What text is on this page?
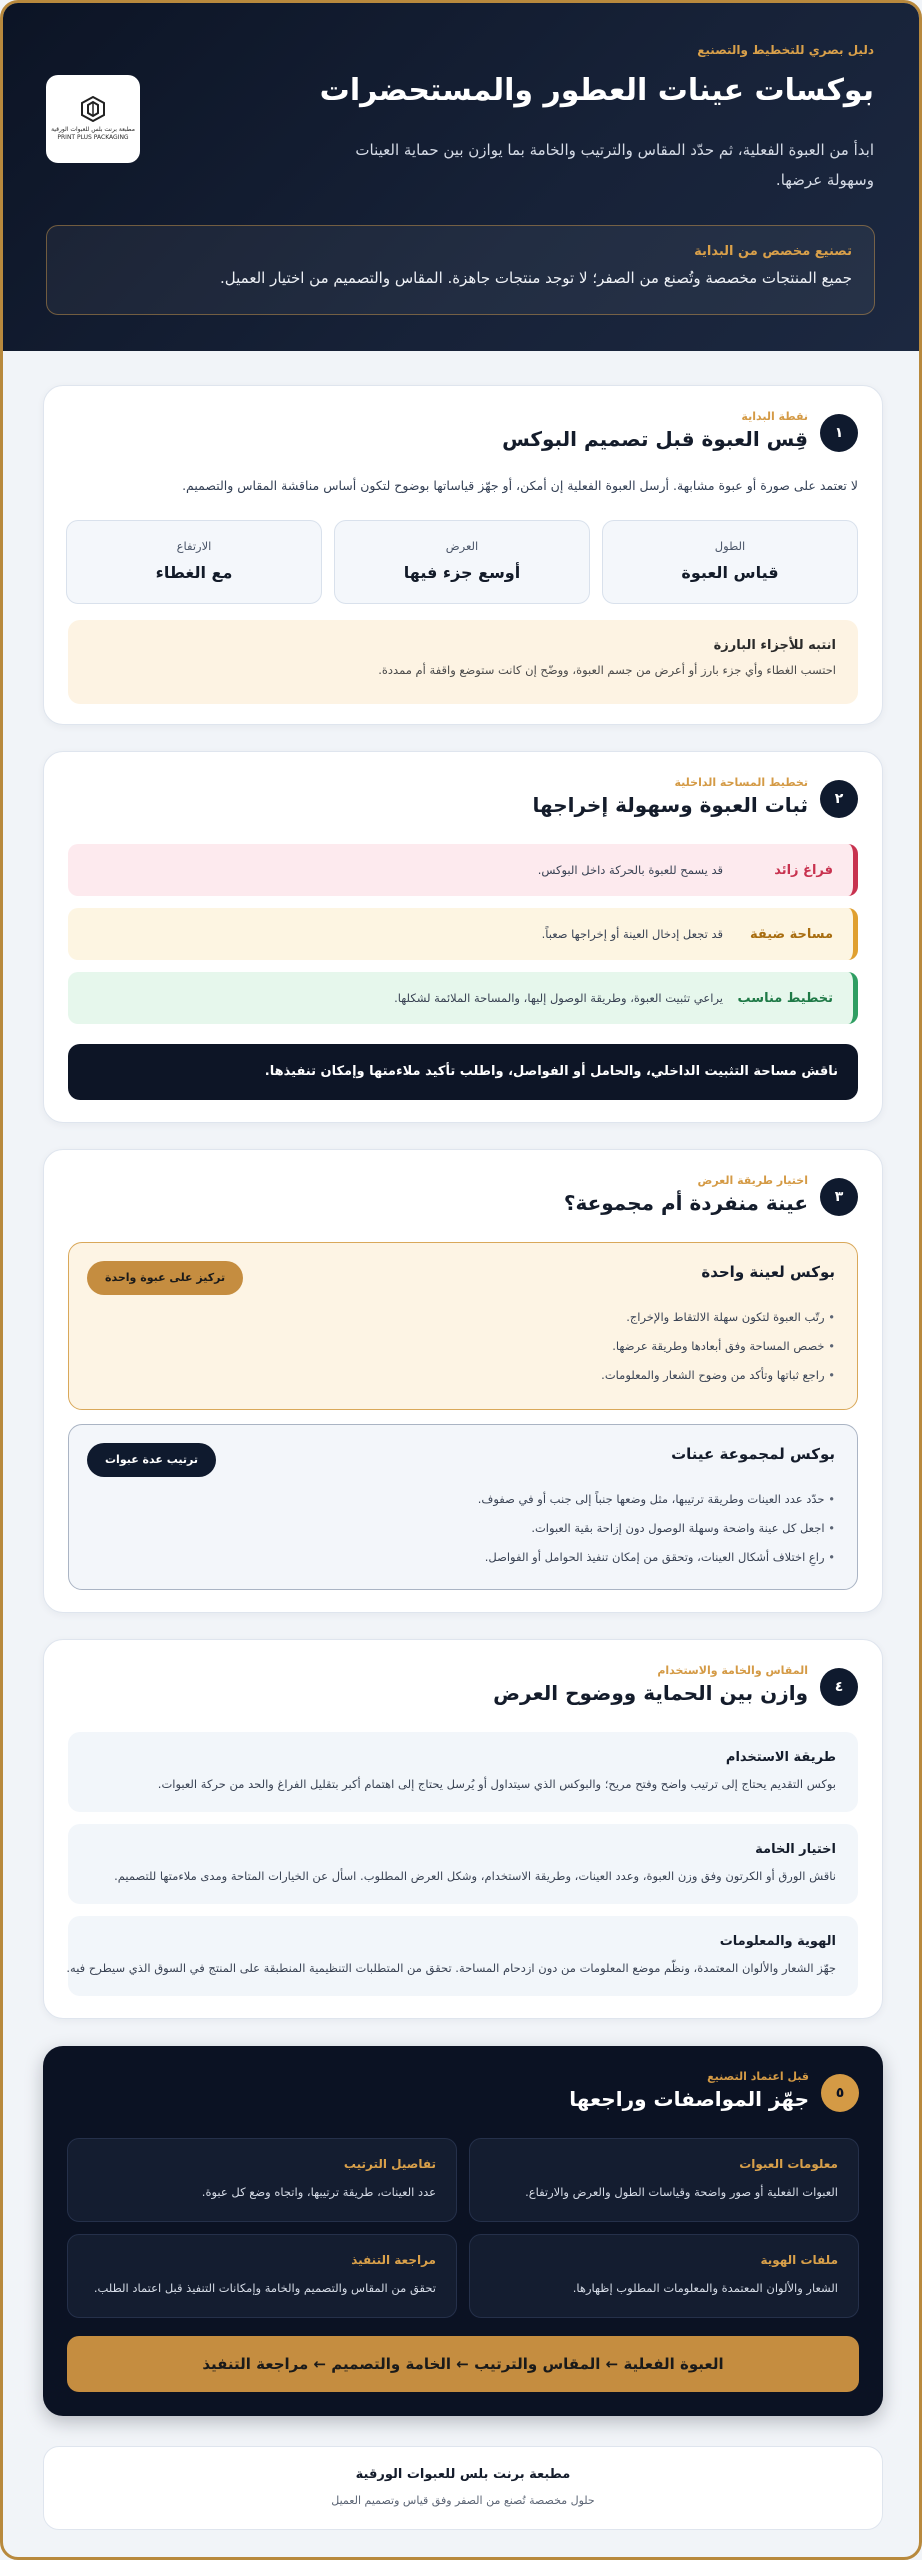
دليل بصري للتخطيط والتصنيع
بوكسات عينات العطور والمستحضرات

ابدأ من العبوة الفعلية، ثم حدّد المقاس والترتيب والخامة بما يوازن بين حماية العينات وسهولة عرضها.

مطبعة برنت بلس للعبوات الورقية PRINT PLUS PACKAGING
تصنيع مخصص من البداية
جميع المنتجات مخصصة وتُصنع من الصفر؛ لا توجد منتجات جاهزة. المقاس والتصميم من اختيار العميل.
١
نقطة البداية
قِس العبوة قبل تصميم البوكس

لا تعتمد على صورة أو عبوة مشابهة. أرسل العبوة الفعلية إن أمكن، أو جهّز قياساتها بوضوح لتكون أساس مناقشة المقاس والتصميم.

الطول
قياس العبوة
العرض
أوسع جزء فيها
الارتفاع
مع الغطاء
انتبه للأجزاء البارزة
احتسب الغطاء وأي جزء بارز أو أعرض من جسم العبوة، ووضّح إن كانت ستوضع واقفة أم ممددة.
٢
تخطيط المساحة الداخلية
ثبات العبوة وسهولة إخراجها
فراغ زائد
قد يسمح للعبوة بالحركة داخل البوكس.
مساحة ضيقة
قد تجعل إدخال العينة أو إخراجها صعباً.
تخطيط مناسب
يراعي تثبيت العبوة، وطريقة الوصول إليها، والمساحة الملائمة لشكلها.
ناقش مساحة التثبيت الداخلي، والحامل أو الفواصل، واطلب تأكيد ملاءمتها وإمكان تنفيذها.
٣
اختيار طريقة العرض
عينة منفردة أم مجموعة؟
بوكس لعينة واحدة
تركيز على عبوة واحدة
• رتّب العبوة لتكون سهلة الالتقاط والإخراج.
• خصص المساحة وفق أبعادها وطريقة عرضها.
• راجع ثباتها وتأكد من وضوح الشعار والمعلومات.
بوكس لمجموعة عينات
ترتيب عدة عبوات
• حدّد عدد العينات وطريقة ترتيبها، مثل وضعها جنباً إلى جنب أو في صفوف.
• اجعل كل عينة واضحة وسهلة الوصول دون إزاحة بقية العبوات.
• راعِ اختلاف أشكال العينات، وتحقق من إمكان تنفيذ الحوامل أو الفواصل.
٤
المقاس والخامة والاستخدام
وازن بين الحماية ووضوح العرض
طريقة الاستخدام
بوكس التقديم يحتاج إلى ترتيب واضح وفتح مريح؛ والبوكس الذي سيتداول أو يُرسل يحتاج إلى اهتمام أكبر بتقليل الفراغ والحد من حركة العبوات.
اختيار الخامة
ناقش الورق أو الكرتون وفق وزن العبوة، وعدد العينات، وطريقة الاستخدام، وشكل العرض المطلوب. اسأل عن الخيارات المتاحة ومدى ملاءمتها للتصميم.
الهوية والمعلومات
جهّز الشعار والألوان المعتمدة، ونظّم موضع المعلومات من دون ازدحام المساحة. تحقق من المتطلبات التنظيمية المنطبقة على المنتج في السوق الذي سيطرح فيه.
٥
قبل اعتماد التصنيع
جهّز المواصفات وراجعها
معلومات العبوات
العبوات الفعلية أو صور واضحة وقياسات الطول والعرض والارتفاع.
تفاصيل الترتيب
عدد العينات، طريقة ترتيبها، واتجاه وضع كل عبوة.
ملفات الهوية
الشعار والألوان المعتمدة والمعلومات المطلوب إظهارها.
مراجعة التنفيذ
تحقق من المقاس والتصميم والخامة وإمكانات التنفيذ قبل اعتماد الطلب.
العبوة الفعلية ← المقاس والترتيب ← الخامة والتصميم ← مراجعة التنفيذ
مطبعة برنت بلس للعبوات الورقية
حلول مخصصة تُصنع من الصفر وفق قياس وتصميم العميل
